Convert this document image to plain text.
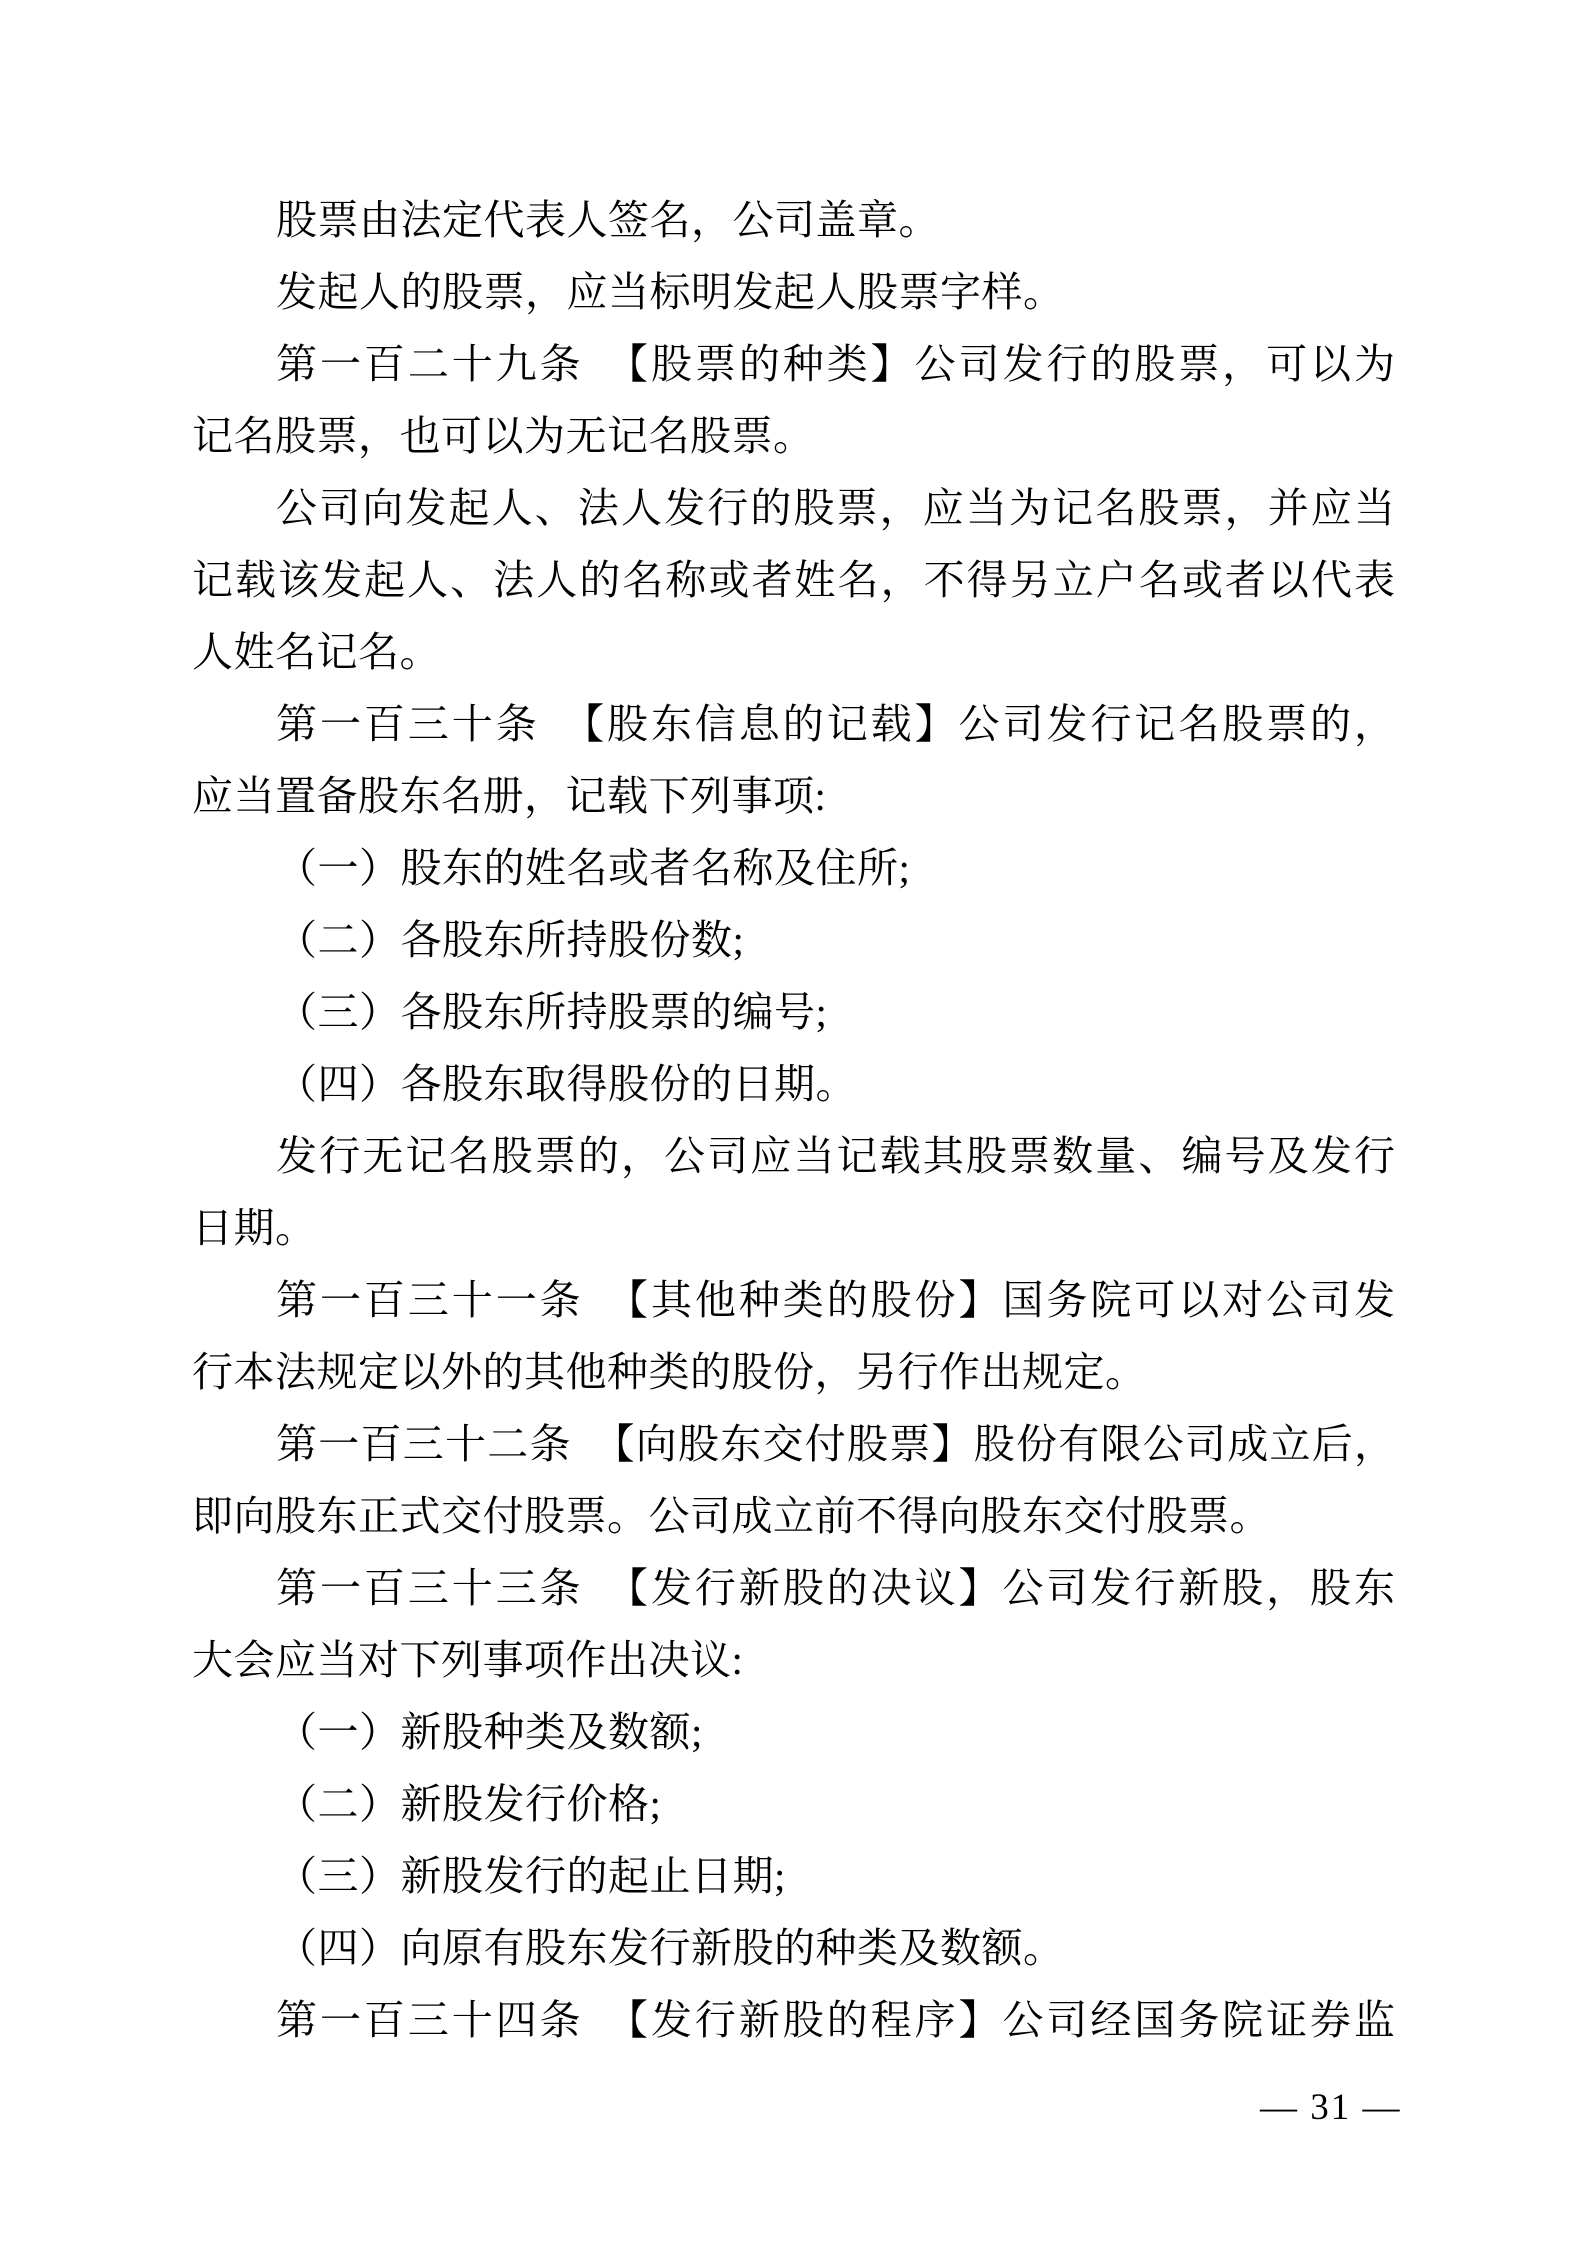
股票由法定代表人签名，公司盖章。
发起人的股票，应当标明发起人股票字样。
第一百二十九条　【股票的种类】公司发行的股票，可以为
记名股票，也可以为无记名股票。
公司向发起人、法人发行的股票，应当为记名股票，并应当
记载该发起人、法人的名称或者姓名，不得另立户名或者以代表
人姓名记名。
第一百三十条　【股东信息的记载】公司发行记名股票的，
应当置备股东名册，记载下列事项:
（一）股东的姓名或者名称及住所;
（二）各股东所持股份数;
（三）各股东所持股票的编号;
（四）各股东取得股份的日期。
发行无记名股票的，公司应当记载其股票数量、编号及发行
日期。
第一百三十一条　【其他种类的股份】国务院可以对公司发
行本法规定以外的其他种类的股份，另行作出规定。
第一百三十二条　【向股东交付股票】股份有限公司成立后，
即向股东正式交付股票。公司成立前不得向股东交付股票。
第一百三十三条　【发行新股的决议】公司发行新股，股东
大会应当对下列事项作出决议:
（一）新股种类及数额;
（二）新股发行价格;
（三）新股发行的起止日期;
（四）向原有股东发行新股的种类及数额。
第一百三十四条　【发行新股的程序】公司经国务院证券监
— 31 —
